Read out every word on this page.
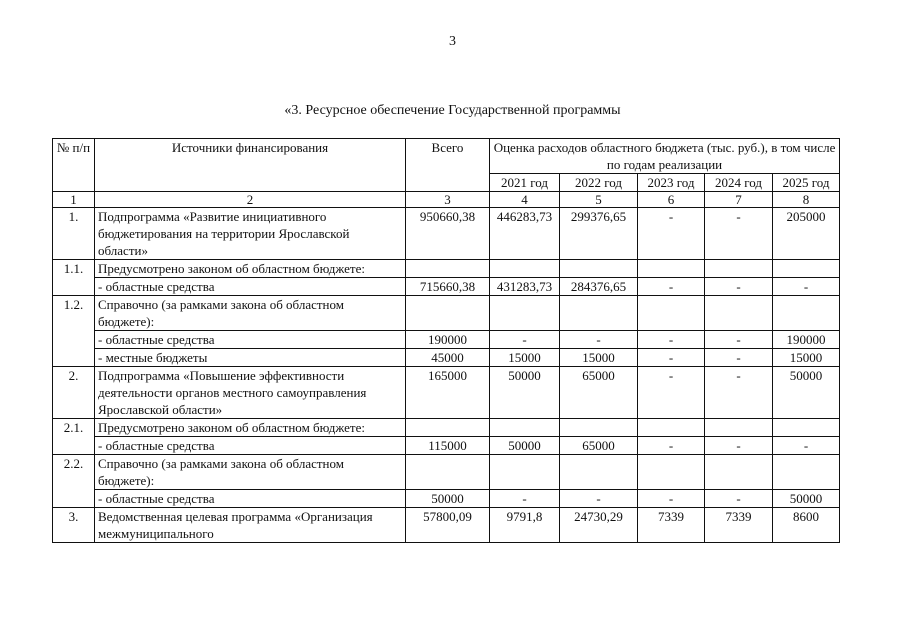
3
«3. Ресурсное обеспечение Государственной программы
№ п/п	Источники финансирования	Всего	Оценка расходов областного бюджета (тыс. руб.), в том числе по годам реализации				
			2021 год	2022 год	2023 год	2024 год	2025 год
1	2	3	4	5	6	7	8
1.	Подпрограмма «Развитие инициативного бюджетирования на территории Ярославской области»	950660,38	446283,73	299376,65	-	-	205000
1.1.	Предусмотрено законом об областном бюджете:						
	- областные средства	715660,38	431283,73	284376,65	-	-	-
1.2.	Справочно (за рамками закона об областном бюджете):						
	- областные средства	190000	-	-	-	-	190000
	- местные бюджеты	45000	15000	15000	-	-	15000
2.	Подпрограмма «Повышение эффективности деятельности органов местного самоуправления Ярославской области»	165000	50000	65000	-	-	50000
2.1.	Предусмотрено законом об областном бюджете:						
	- областные средства	115000	50000	65000	-	-	-
2.2.	Справочно (за рамками закона об областном бюджете):						
	- областные средства	50000	-	-	-	-	50000
3.	Ведомственная целевая программа «Организация межмуниципального	57800,09	9791,8	24730,29	7339	7339	8600
